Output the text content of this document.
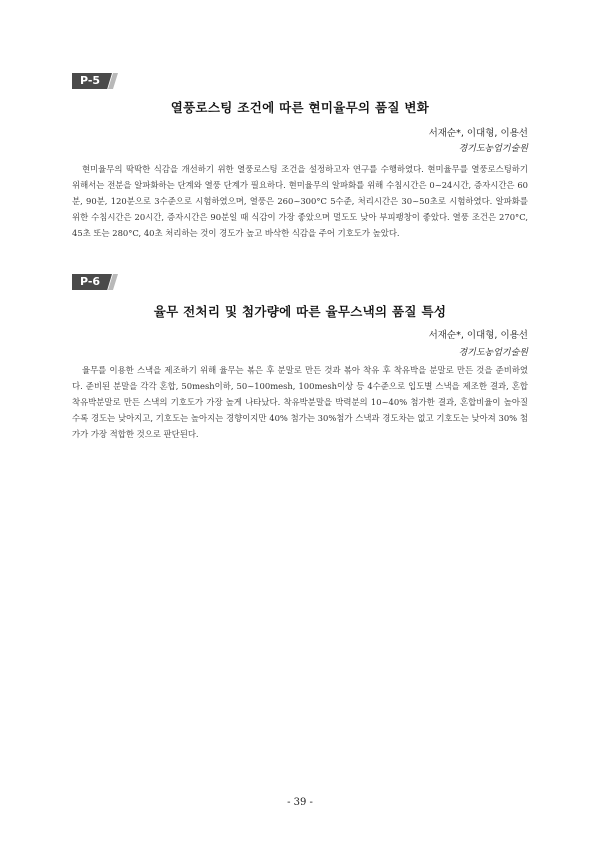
P-5
열풍로스팅 조건에 따른 현미율무의 품질 변화
서재순*, 이대형, 이용선
경기도농업기술원

현미율무의 딱딱한 식감을 개선하기 위한 열풍로스팅 조건을 설정하고자 연구를 수행하였다. 현미율무를 열풍로스팅하기 위해서는 전분을 알파화하는 단계와 열풍 단계가 필요하다. 현미율무의 알파화를 위해 수침시간은 0~24시간, 증자시간은 60분, 90분, 120분으로 3수준으로 시험하였으며, 열풍은 260~300°C 5수준, 처리시간은 30~50초로 시험하였다. 알파화를 위한 수침시간은 20시간, 증자시간은 90분일 때 식감이 가장 좋았으며 멀도도 낮아 부피팽창이 좋았다. 열풍 조건은 270°C, 45초 또는 280°C, 40초 처리하는 것이 경도가 높고 바삭한 식감을 주어 기호도가 높았다.

P-6
율무 전처리 및 첨가량에 따른 율무스낵의 품질 특성
서재순*, 이대형, 이용선
경기도농업기술원

율무를 이용한 스낵을 제조하기 위해 율무는 볶은 후 분말로 만든 것과 볶아 착유 후 착유박을 분말로 만든 것을 준비하였다. 준비된 분말을 각각 혼합, 50mesh이하, 50~100mesh, 100mesh이상 등 4수준으로 입도별 스낵을 제조한 결과, 혼합 착유박분말로 만든 스낵의 기호도가 가장 높게 나타났다. 착유박분말을 박력분의 10~40% 첨가한 결과, 혼합비율이 높아질수록 경도는 낮아지고, 기호도는 높아지는 경향이지만 40% 첨가는 30%첨가 스낵과 경도차는 없고 기호도는 낮아져 30% 첨가가 가장 적합한 것으로 판단된다.

- 39 -
